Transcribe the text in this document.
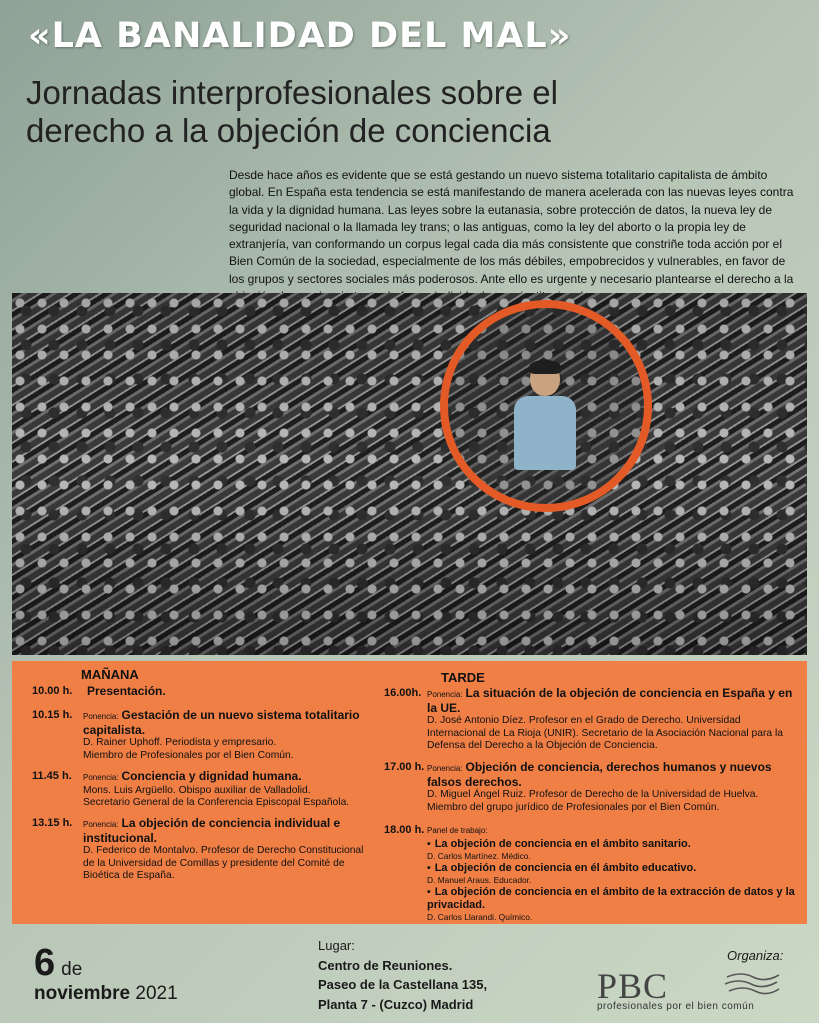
«LA BANALIDAD DEL MAL»
Jornadas interprofesionales sobre el
derecho a la objeción de conciencia
Desde hace años es evidente que se está gestando un nuevo sistema totalitario capitalista de ámbito global. En España esta tendencia se está manifestando de manera acelerada con las nuevas leyes contra la vida y la dignidad humana. Las leyes sobre la eutanasia, sobre protección de datos, la nueva ley de seguridad nacional o la llamada ley trans; o las antiguas, como la ley del aborto o la propia ley de extranjería, van conformando un corpus legal cada dia más consistente que constriñe toda acción por el Bien Común de la sociedad, especialmente de los más débiles, empobrecidos y vulnerables, en favor de los grupos y sectores sociales más poderosos. Ante ello es urgente y necesario plantearse el derecho a la
MAÑANA
10.00 h. Presentación.
10.15 h. Ponencia: Gestación de un nuevo sistema totalitario capitalista.
D. Rainer Uphoff. Periodista y empresario.
Miembro de Profesionales por el Bien Común.
11.45 h. Ponencia: Conciencia y dignidad humana.
Mons. Luis Argüello. Obispo auxiliar de Valladolid.
Secretario General de la Conferencia Episcopal Española.
13.15 h. Ponencia: La objeción de conciencia individual e institucional.
D. Federico de Montalvo. Profesor de Derecho Constitucional de la Universidad de Comillas y presidente del Comité de Bioética de España.
TARDE
16.00h. Ponencia: La situación de la objeción de conciencia en España y en la UE.
D. José Antonio Díez. Profesor en el Grado de Derecho. Universidad Internacional de La Rioja (UNIR). Secretario de la Asociación Nacional para la Defensa del Derecho a la Objeción de Conciencia.
17.00 h. Ponencia: Objeción de conciencia, derechos humanos y nuevos falsos derechos.
D. Miguel Ángel Ruiz. Profesor de Derecho de la Universidad de Huelva. Miembro del grupo jurídico de Profesionales por el Bien Común.
18.00 h. Panel de trabajo:
• La objeción de conciencia en el ámbito sanitario.
D. Carlos Martínez. Médico.
• La objeción de conciencia en él ámbito educativo.
D. Manuel Araus. Educador.
• La objeción de conciencia en el ámbito de la extracción de datos y la privacidad.
D. Carlos Llarandi. Químico.
6 de
noviembre 2021
Lugar:
Centro de Reuniones.
Paseo de la Castellana 135,
Planta 7 - (Cuzco) Madrid
Organiza:
PBC
profesionales por el bien común
